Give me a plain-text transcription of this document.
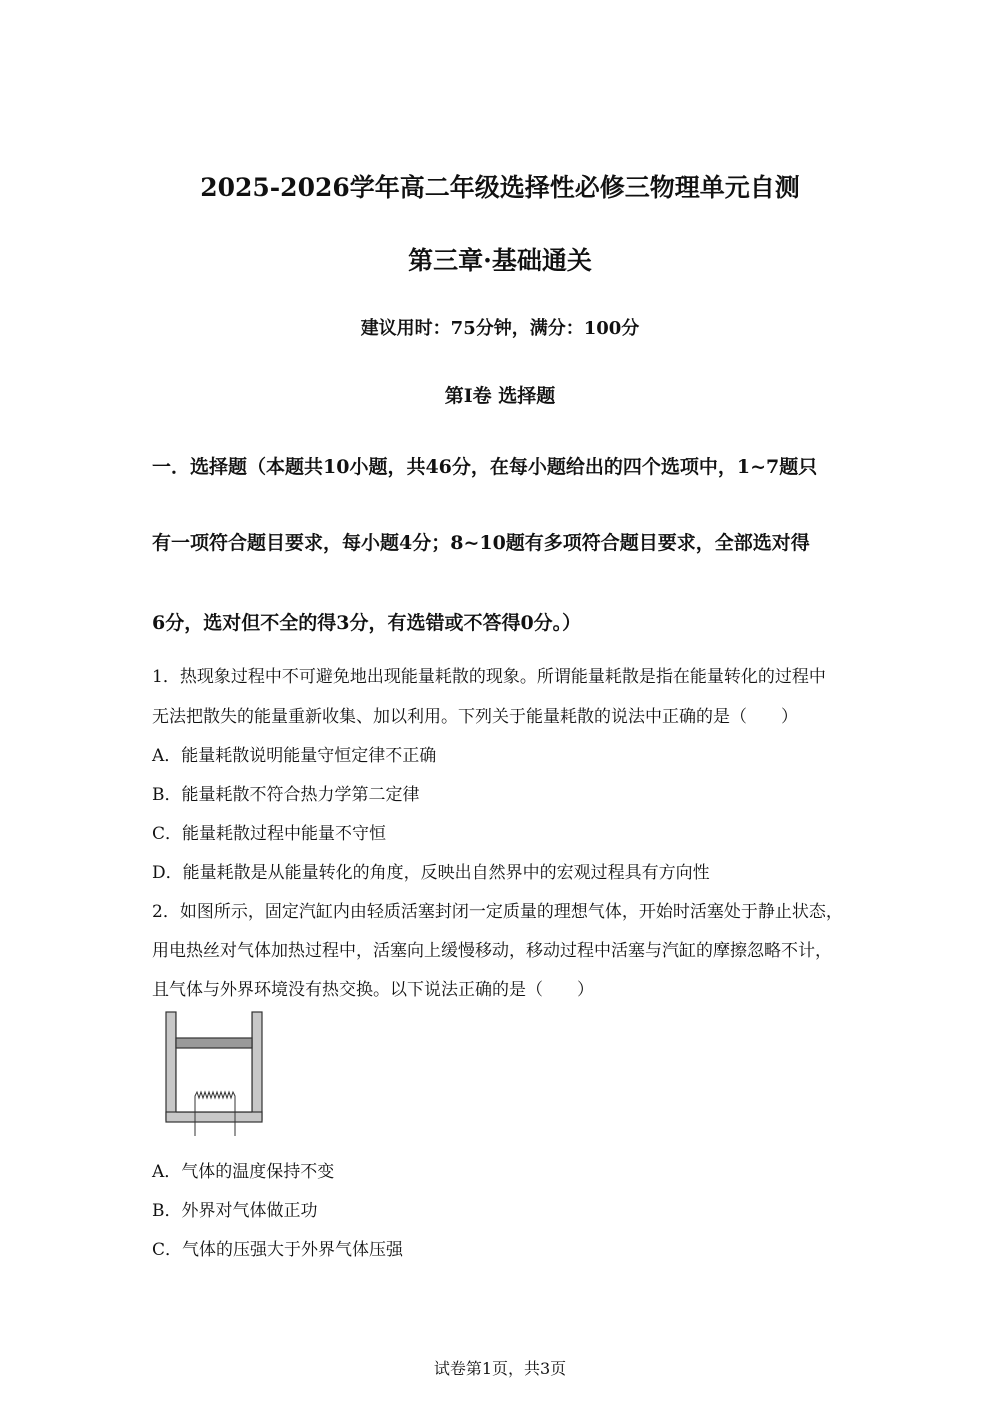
2025-2026学年高二年级选择性必修三物理单元自测
第三章·基础通关
建议用时：75分钟，满分：100分
第Ⅰ卷 选择题
一．选择题（本题共10小题，共46分，在每小题给出的四个选项中，1~7题只
有一项符合题目要求，每小题4分；8~10题有多项符合题目要求，全部选对得
6分，选对但不全的得3分，有选错或不答得0分。）
1．热现象过程中不可避免地出现能量耗散的现象。所谓能量耗散是指在能量转化的过程中
无法把散失的能量重新收集、加以利用。下列关于能量耗散的说法中正确的是（　　）
A．能量耗散说明能量守恒定律不正确
B．能量耗散不符合热力学第二定律
C．能量耗散过程中能量不守恒
D．能量耗散是从能量转化的角度，反映出自然界中的宏观过程具有方向性
2．如图所示，固定汽缸内由轻质活塞封闭一定质量的理想气体，开始时活塞处于静止状态，
用电热丝对气体加热过程中，活塞向上缓慢移动，移动过程中活塞与汽缸的摩擦忽略不计，
且气体与外界环境没有热交换。以下说法正确的是（　　）
A．气体的温度保持不变
B．外界对气体做正功
C．气体的压强大于外界气体压强
试卷第1页，共3页
